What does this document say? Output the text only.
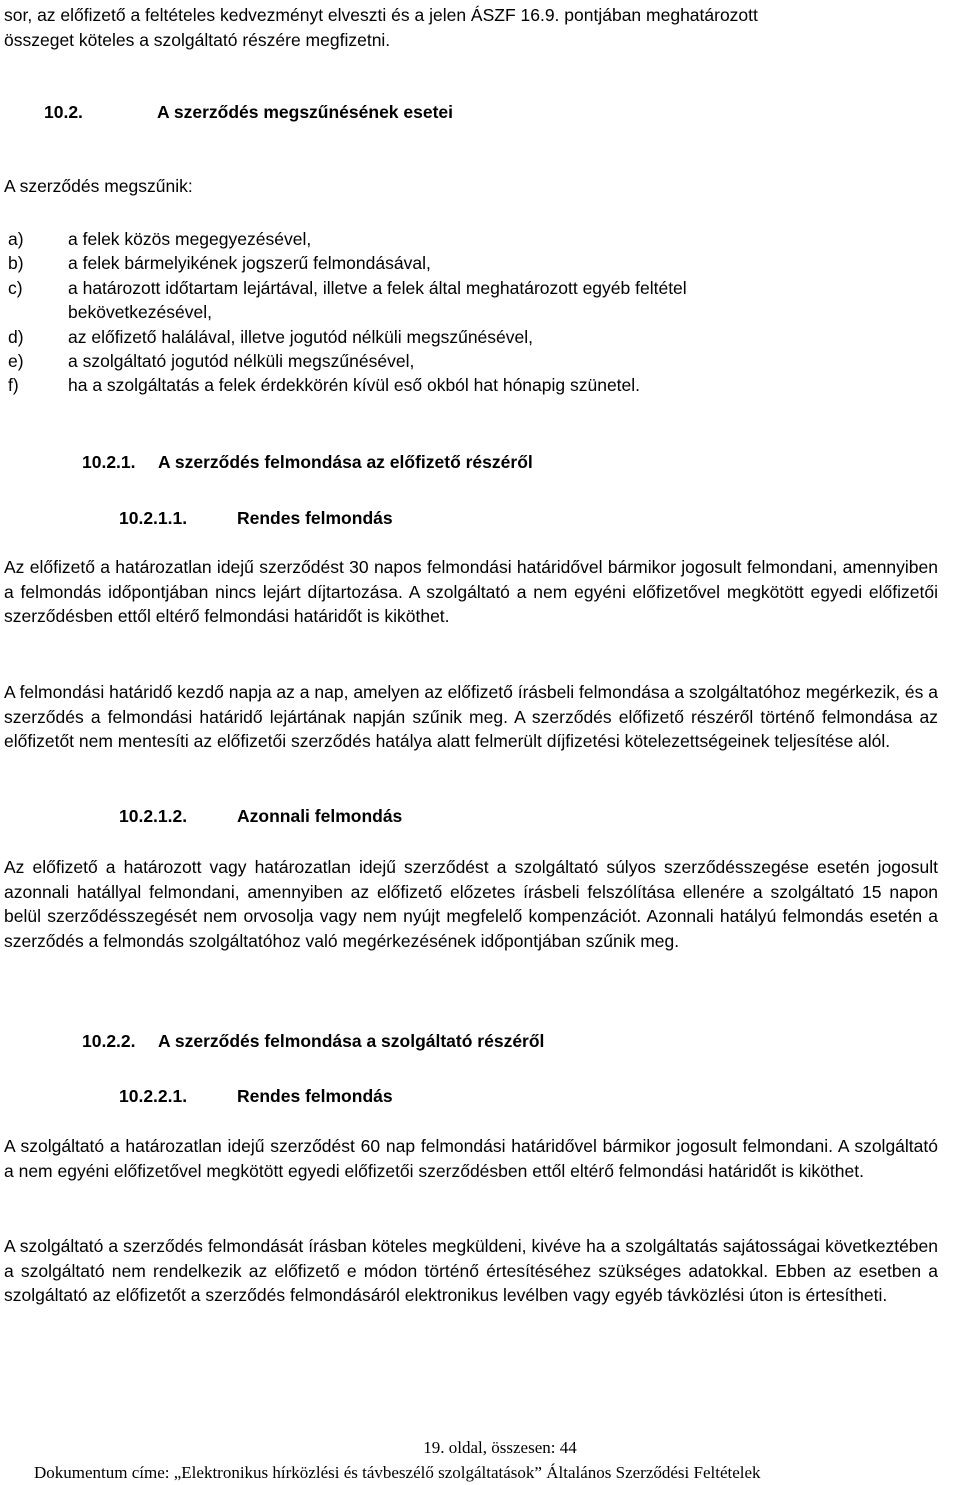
sor, az előfizető a feltételes kedvezményt elveszti és a jelen ÁSZF 16.9. pontjában meghatározott
összeget köteles a szolgáltató részére megfizetni.
10.2.	A szerződés megszűnésének esetei
A szerződés megszűnik:
a)	a felek közös megegyezésével,
b)	a felek bármelyikének jogszerű felmondásával,
c)	a határozott időtartam lejártával, illetve a felek által meghatározott egyéb feltétel
bekövetkezésével,
d)	az előfizető halálával, illetve jogutód nélküli megszűnésével,
e)	a szolgáltató jogutód nélküli megszűnésével,
f)	ha a szolgáltatás a felek érdekkörén kívül eső okból hat hónapig szünetel.
10.2.1. A szerződés felmondása az előfizető részéről
10.2.1.1.	Rendes felmondás
Az előfizető a határozatlan idejű szerződést 30 napos felmondási határidővel bármikor jogosult felmondani, amennyiben a felmondás időpontjában nincs lejárt díjtartozása. A szolgáltató a nem egyéni előfizetővel megkötött egyedi előfizetői szerződésben ettől eltérő felmondási határidőt is kiköthet.
A felmondási határidő kezdő napja az a nap, amelyen az előfizető írásbeli felmondása a szolgáltatóhoz megérkezik, és a szerződés a felmondási határidő lejártának napján szűnik meg. A szerződés előfizető részéről történő felmondása az előfizetőt nem mentesíti az előfizetői szerződés hatálya alatt felmerült díjfizetési kötelezettségeinek teljesítése alól.
10.2.1.2.	Azonnali felmondás
Az előfizető a határozott vagy határozatlan idejű szerződést a szolgáltató súlyos szerződésszegése esetén jogosult azonnali hatállyal felmondani, amennyiben az előfizető előzetes írásbeli felszólítása ellenére a szolgáltató 15 napon belül szerződésszegését nem orvosolja vagy nem nyújt megfelelő kompenzációt. Azonnali hatályú felmondás esetén a szerződés a felmondás szolgáltatóhoz való megérkezésének időpontjában szűnik meg.
10.2.2. A szerződés felmondása a szolgáltató részéről
10.2.2.1.	Rendes felmondás
A szolgáltató a határozatlan idejű szerződést 60 nap felmondási határidővel bármikor jogosult felmondani. A szolgáltató a nem egyéni előfizetővel megkötött egyedi előfizetői szerződésben ettől eltérő felmondási határidőt is kiköthet.
A szolgáltató a szerződés felmondását írásban köteles megküldeni, kivéve ha a szolgáltatás sajátosságai következtében a szolgáltató nem rendelkezik az előfizető e módon történő értesítéséhez szükséges adatokkal. Ebben az esetben a szolgáltató az előfizetőt a szerződés felmondásáról elektronikus levélben vagy egyéb távközlési úton is értesítheti.
19. oldal, összesen: 44
Dokumentum címe: „Elektronikus hírközlési és távbeszélő szolgáltatások” Általános Szerződési Feltételek
